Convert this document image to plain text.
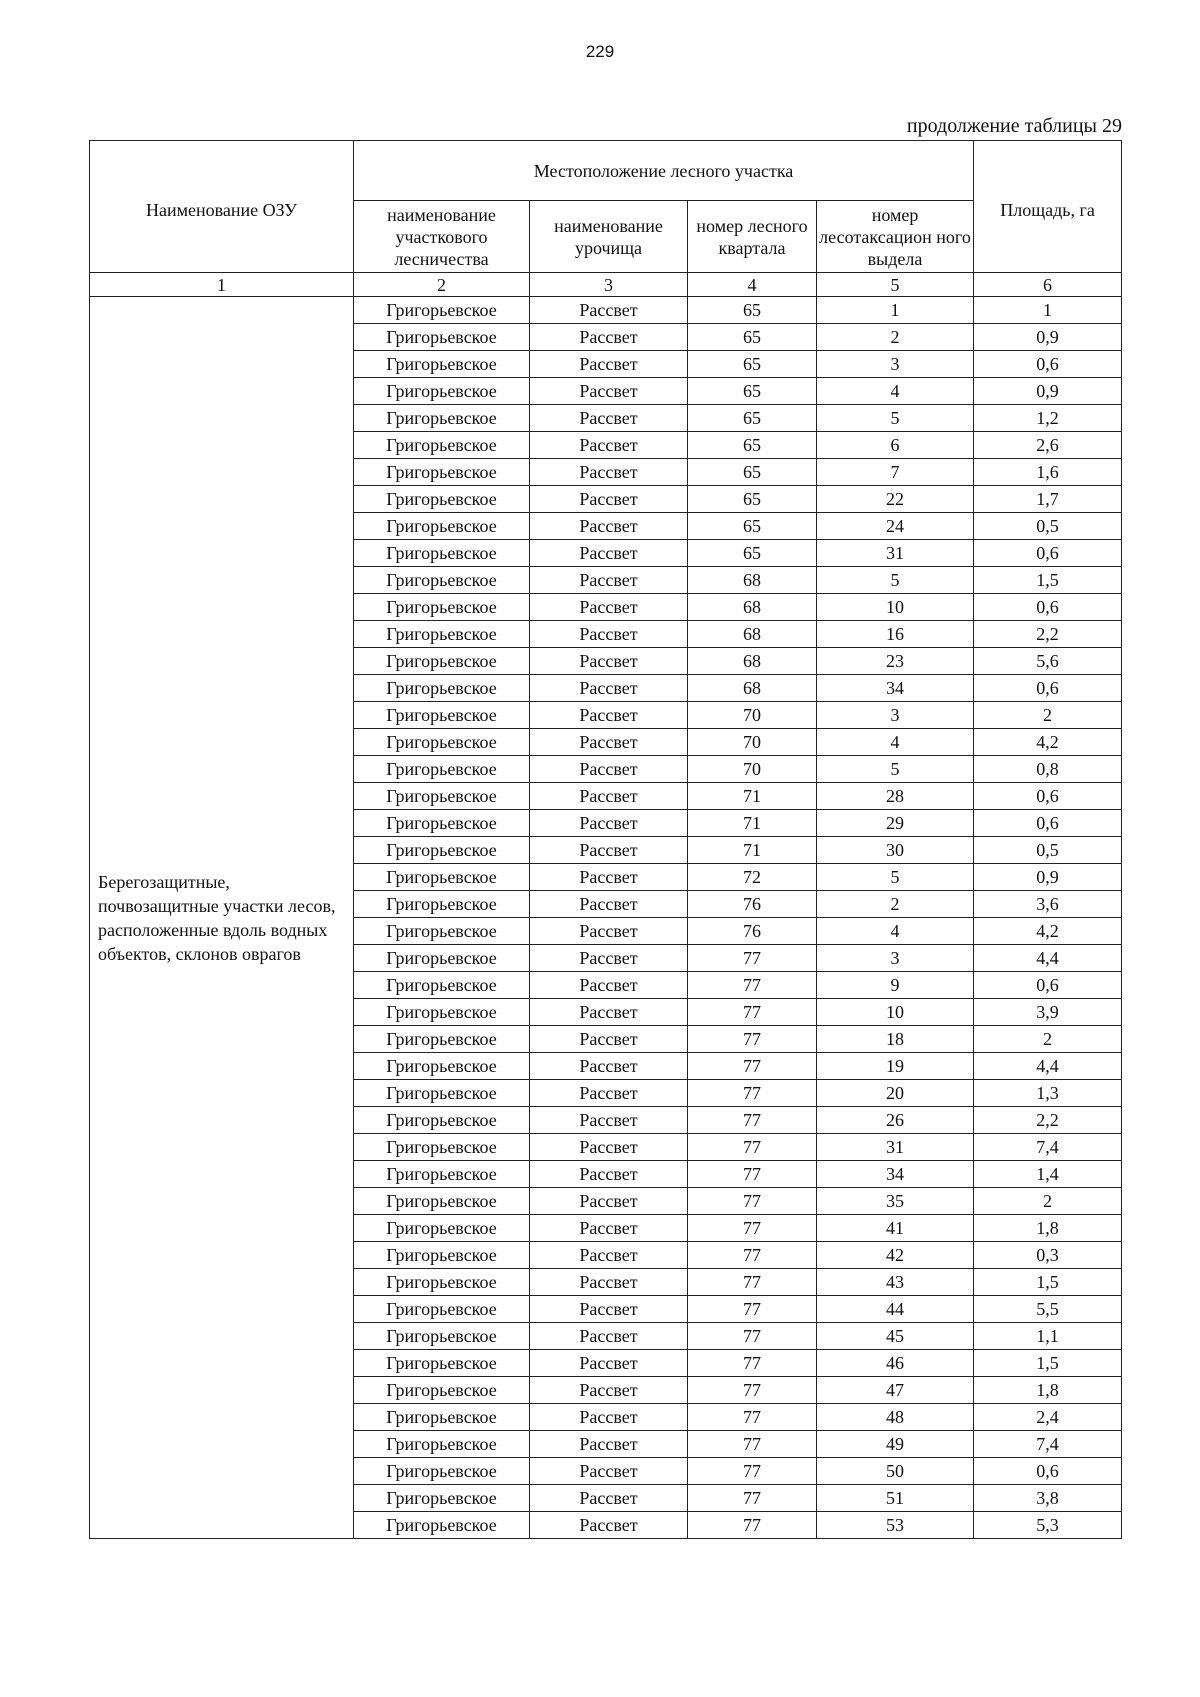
229
продолжение таблицы 29
Наименование ОЗУ	Местоположение лесного участка				Площадь, га
	наименование участкового лесничества	наименование урочища	номер лесного квартала	номер лесотаксацион ного выдела	
1	2	3	4	5	6
Берегозащитные, почвозащитные участки лесов, расположенные вдоль водных объектов, склонов оврагов	Григорьевское	Рассвет	65	1	1
	Григорьевское	Рассвет	65	2	0,9
	Григорьевское	Рассвет	65	3	0,6
	Григорьевское	Рассвет	65	4	0,9
	Григорьевское	Рассвет	65	5	1,2
	Григорьевское	Рассвет	65	6	2,6
	Григорьевское	Рассвет	65	7	1,6
	Григорьевское	Рассвет	65	22	1,7
	Григорьевское	Рассвет	65	24	0,5
	Григорьевское	Рассвет	65	31	0,6
	Григорьевское	Рассвет	68	5	1,5
	Григорьевское	Рассвет	68	10	0,6
	Григорьевское	Рассвет	68	16	2,2
	Григорьевское	Рассвет	68	23	5,6
	Григорьевское	Рассвет	68	34	0,6
	Григорьевское	Рассвет	70	3	2
	Григорьевское	Рассвет	70	4	4,2
	Григорьевское	Рассвет	70	5	0,8
	Григорьевское	Рассвет	71	28	0,6
	Григорьевское	Рассвет	71	29	0,6
	Григорьевское	Рассвет	71	30	0,5
	Григорьевское	Рассвет	72	5	0,9
	Григорьевское	Рассвет	76	2	3,6
	Григорьевское	Рассвет	76	4	4,2
	Григорьевское	Рассвет	77	3	4,4
	Григорьевское	Рассвет	77	9	0,6
	Григорьевское	Рассвет	77	10	3,9
	Григорьевское	Рассвет	77	18	2
	Григорьевское	Рассвет	77	19	4,4
	Григорьевское	Рассвет	77	20	1,3
	Григорьевское	Рассвет	77	26	2,2
	Григорьевское	Рассвет	77	31	7,4
	Григорьевское	Рассвет	77	34	1,4
	Григорьевское	Рассвет	77	35	2
	Григорьевское	Рассвет	77	41	1,8
	Григорьевское	Рассвет	77	42	0,3
	Григорьевское	Рассвет	77	43	1,5
	Григорьевское	Рассвет	77	44	5,5
	Григорьевское	Рассвет	77	45	1,1
	Григорьевское	Рассвет	77	46	1,5
	Григорьевское	Рассвет	77	47	1,8
	Григорьевское	Рассвет	77	48	2,4
	Григорьевское	Рассвет	77	49	7,4
	Григорьевское	Рассвет	77	50	0,6
	Григорьевское	Рассвет	77	51	3,8
	Григорьевское	Рассвет	77	53	5,3
